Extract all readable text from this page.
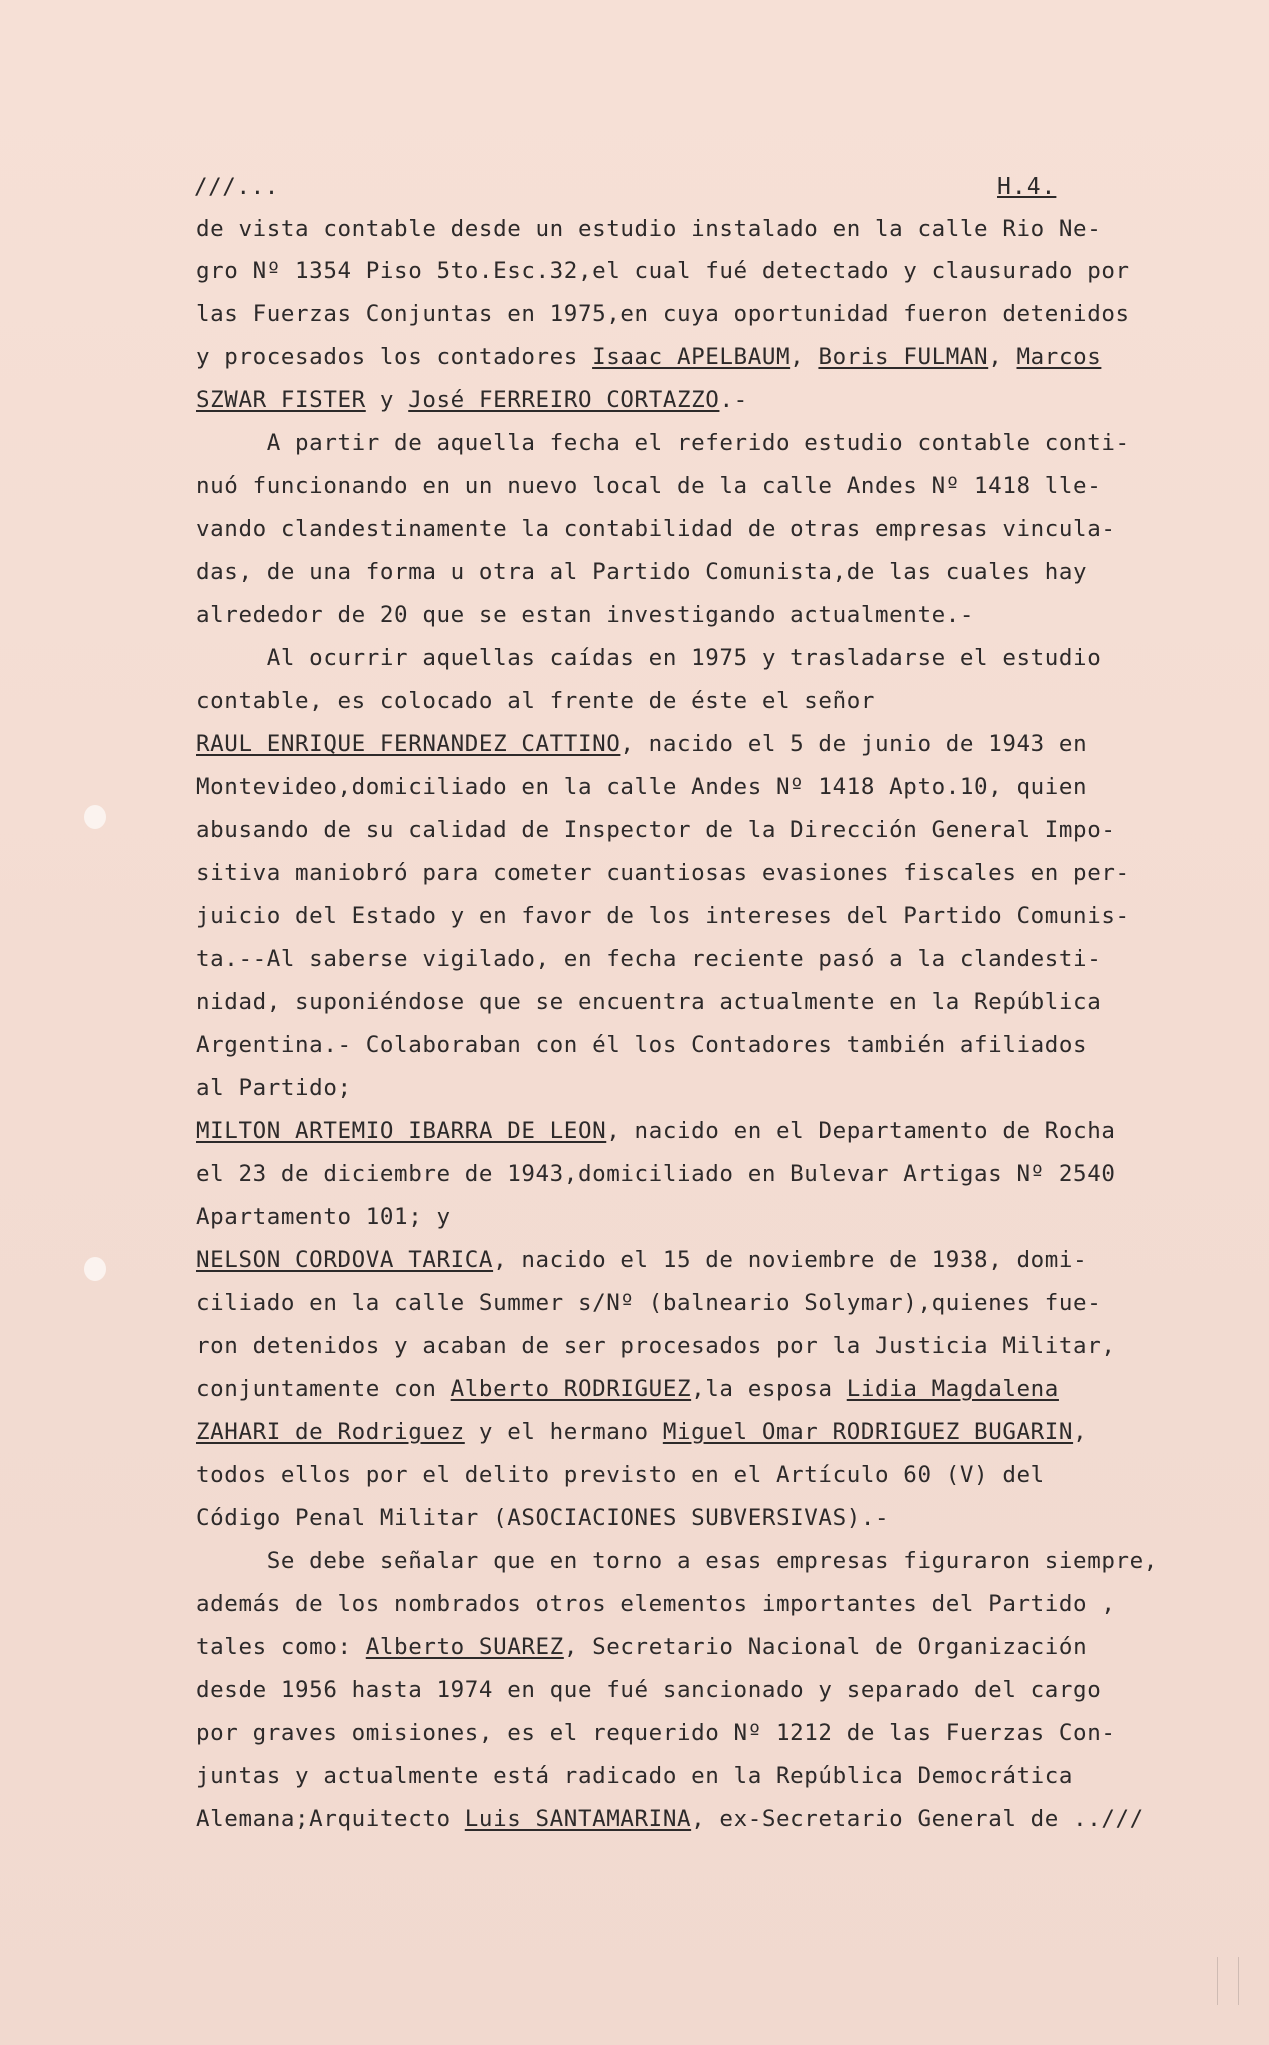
///...	H.4.
de vista contable desde un estudio instalado en la calle Rio Ne-
gro Nº 1354 Piso 5to.Esc.32,el cual fué detectado y clausurado por
las Fuerzas Conjuntas en 1975,en cuya oportunidad fueron detenidos
y procesados los contadores Isaac APELBAUM, Boris FULMAN, Marcos
SZWAR FISTER y José FERREIRO CORTAZZO.-
A partir de aquella fecha el referido estudio contable conti-
nuó funcionando en un nuevo local de la calle Andes Nº 1418 lle-
vando clandestinamente la contabilidad de otras empresas vincula-
das, de una forma u otra al Partido Comunista,de las cuales hay
alrededor de 20 que se estan investigando actualmente.-
Al ocurrir aquellas caídas en 1975 y trasladarse el estudio
contable, es colocado al frente de éste el señor
RAUL ENRIQUE FERNANDEZ CATTINO, nacido el 5 de junio de 1943 en
Montevideo,domiciliado en la calle Andes Nº 1418 Apto.10, quien
abusando de su calidad de Inspector de la Dirección General Impo-
sitiva maniobró para cometer cuantiosas evasiones fiscales en per-
juicio del Estado y en favor de los intereses del Partido Comunis-
ta.--Al saberse vigilado, en fecha reciente pasó a la clandesti-
nidad, suponiéndose que se encuentra actualmente en la República
Argentina.- Colaboraban con él los Contadores también afiliados
al Partido;
MILTON ARTEMIO IBARRA DE LEON, nacido en el Departamento de Rocha
el 23 de diciembre de 1943,domiciliado en Bulevar Artigas Nº 2540
Apartamento 101; y
NELSON CORDOVA TARICA, nacido el 15 de noviembre de 1938, domi-
ciliado en la calle Summer s/Nº (balneario Solymar),quienes fue-
ron detenidos y acaban de ser procesados por la Justicia Militar,
conjuntamente con Alberto RODRIGUEZ,la esposa Lidia Magdalena
ZAHARI de Rodriguez y el hermano Miguel Omar RODRIGUEZ BUGARIN,
todos ellos por el delito previsto en el Artículo 60 (V) del
Código Penal Militar (ASOCIACIONES SUBVERSIVAS).-
Se debe señalar que en torno a esas empresas figuraron siempre,
además de los nombrados otros elementos importantes del Partido ,
tales como: Alberto SUAREZ, Secretario Nacional de Organización
desde 1956 hasta 1974 en que fué sancionado y separado del cargo
por graves omisiones, es el requerido Nº 1212 de las Fuerzas Con-
juntas y actualmente está radicado en la República Democrática
Alemana;Arquitecto Luis SANTAMARINA, ex-Secretario General de ..///
